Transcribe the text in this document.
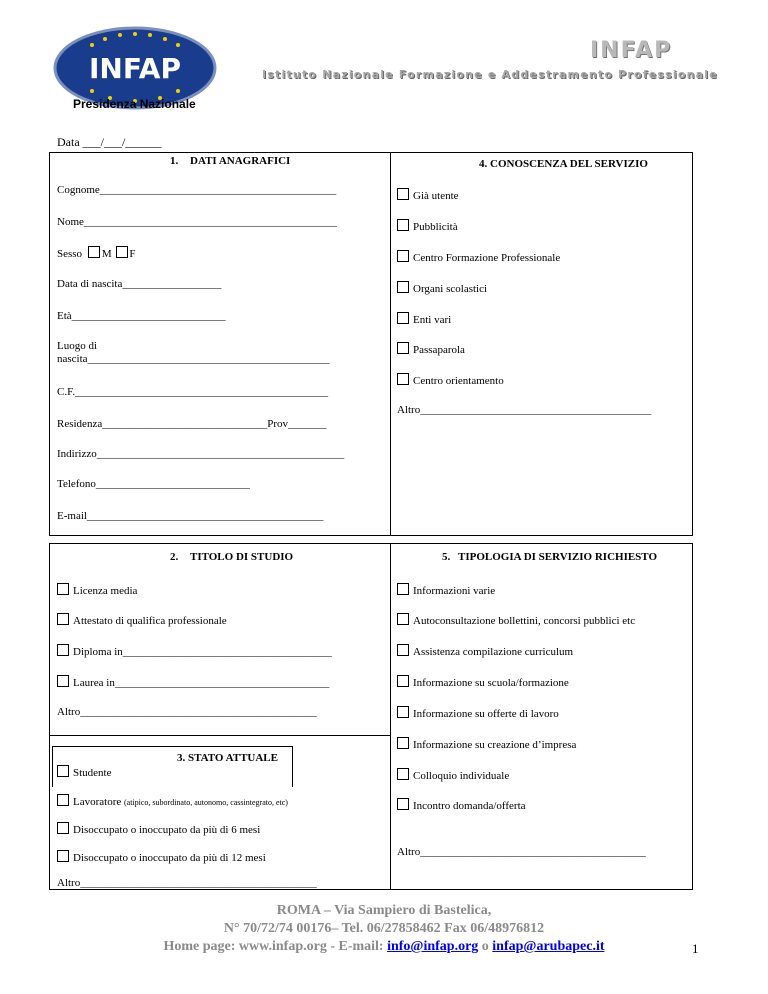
INFAP
INFAP
Istituto Nazionale Formazione e Addestramento Professionale
Presidenza Nazionale
Data ___/___/______
1. DATI ANAGRAFICI	4. CONOSCENZA DEL SERVIZIO
Cognome___________________________________________
Nome______________________________________________
Sesso M F
Data di nascita__________________
Età____________________________
Luogo di
nascita____________________________________________
C.F.______________________________________________
Residenza______________________________Prov_______
Indirizzo_____________________________________________
Telefono____________________________
E-mail___________________________________________
Già utente
Pubblicità
Centro Formazione Professionale
Organi scolastici
Enti vari
Passaparola
Centro orientamento
Altro__________________________________________
2. TITOLO DI STUDIO	5. TIPOLOGIA DI SERVIZIO RICHIESTO
Licenza media
Attestato di qualifica professionale
Diploma in______________________________________
Laurea in_______________________________________
Altro___________________________________________
3. STATO ATTUALE
Studente
Lavoratore (atipico, subordinato, autonomo, cassintegrato, etc)
Disoccupato o inoccupato da più di 6 mesi
Disoccupato o inoccupato da più di 12 mesi
Altro___________________________________________
Informazioni varie
Autoconsultazione bollettini, concorsi pubblici etc
Assistenza compilazione curriculum
Informazione su scuola/formazione
Informazione su offerte di lavoro
Informazione su creazione d’impresa
Colloquio individuale
Incontro domanda/offerta
Altro_________________________________________
ROMA – Via Sampiero di Bastelica,
N° 70/72/74 00176– Tel. 06/27858462 Fax 06/48976812
Home page: www.infap.org - E-mail: info@infap.org o infap@arubapec.it	1
